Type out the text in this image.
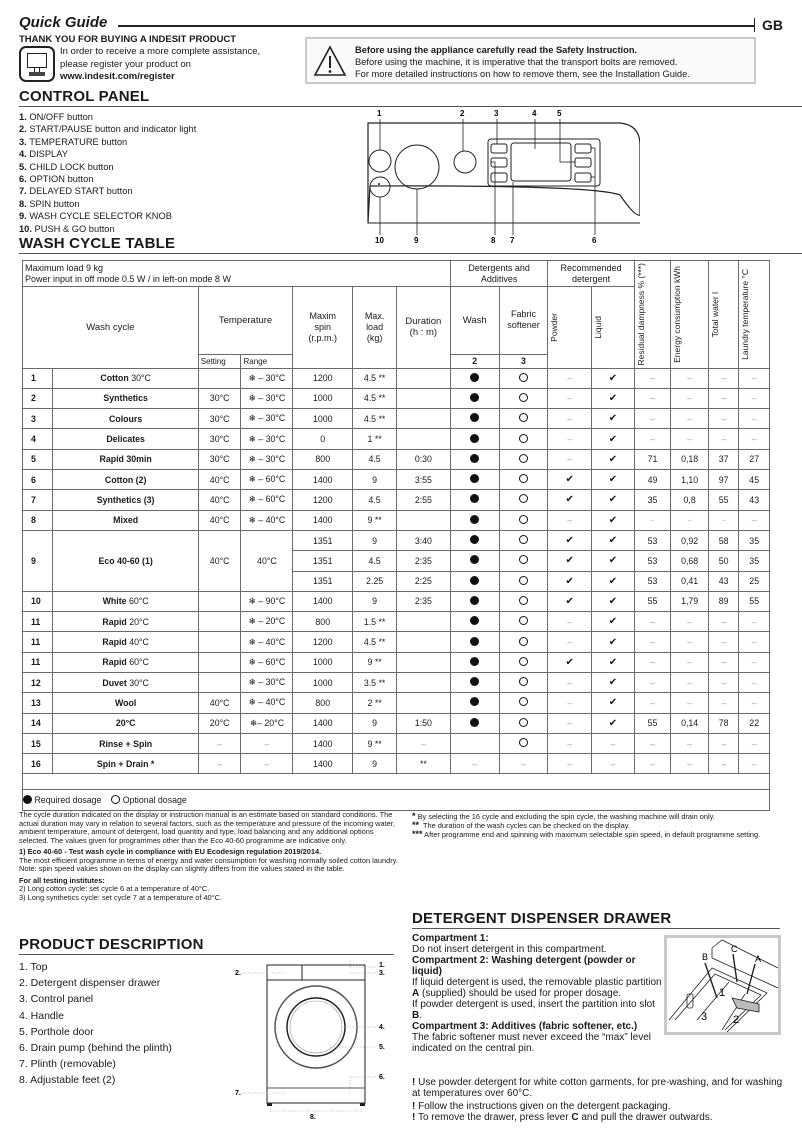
Quick Guide	GB
THANK YOU FOR BUYING A INDESIT PRODUCT
In order to receive a more complete assistance,
please register your product on
www.indesit.com/register
Before using the appliance carefully read the Safety Instruction.
Before using the machine, it is imperative that the transport bolts are removed.
For more detailed instructions on how to remove them, see the Installation Guide.
CONTROL PANEL
1. ON/OFF button
2. START/PAUSE button and indicator light
3. TEMPERATURE button
4. DISPLAY
5. CHILD LOCK button
6. OPTION button
7. DELAYED START button
8. SPIN button
9. WASH CYCLE SELECTOR KNOB
10. PUSH & GO button
1	2	3	4	5
10	9	8 7	6
WASH CYCLE TABLE
Maximum load 9 kg
Power input in off mode 0.5 W / in left-on mode 8 W

Detergents and
Additives

Recommended
detergent	Residual dampness % (***)	Energy consumption kWh	Total water l	Laundry temperature °C

Wash cycle	Temperature	Maxim
spin
(r.p.m.)

Max.
load
(kg)

Duration
(h : m)
	Wash	
Fabric
softener	Powder	Liquid

		Setting	Range				2	3						
1	Cotton 30°C		❄ – 30°C	1200	4.5 **				–	✔	–	–	–	–
2	Synthetics	30°C	❄ – 30°C	1000	4.5 **				–	✔	–	–	–	–
3	Colours	30°C	❄ – 30°C	1000	4.5 **				–	✔	–	–	–	–
4	Delicates	30°C	❄ – 30°C	0	1 **				–	✔	–	–	–	–
5	Rapid 30min	30°C	❄ – 30°C	800	4.5	0:30			–	✔	71	0,18	37	27
6	Cotton (2)	40°C	❄ – 60°C	1400	9	3:55			✔	✔	49	1,10	97	45
7	Synthetics (3)	40°C	❄ – 60°C	1200	4.5	2:55			✔	✔	35	0,8	55	43
8	Mixed	40°C	❄ – 40°C	1400	9 **				–	✔	-	-	-	–
9	Eco 40-60 (1)	40°C	40°C	1351	9	3:40			✔	✔	53	0,92	58	35
				1351	4.5	2:35			✔	✔	53	0,68	50	35
				1351	2.25	2:25			✔	✔	53	0,41	43	25
10	White 60°C		❄ – 90°C	1400	9	2:35			✔	✔	55	1,79	89	55
11	Rapid 20°C		❄ – 20°C	800	1.5 **				–	✔	–	–	–	–
11	Rapid 40°C		❄ – 40°C	1200	4.5 **				–	✔	–	–	–	–
11	Rapid 60°C		❄ – 60°C	1000	9 **				✔	✔	–	–	–	–
12	Duvet 30°C		❄ – 30°C	1000	3.5 **				–	✔	–	–	–	–
13	Wool	40°C	❄ – 40°C	800	2 **				–	✔	–	–	–	–
14	20°C	20°C	❄– 20°C	1400	9	1:50			–	✔	55	0,14	78	22
15	Rinse + Spin	–	–	1400	9 **	–			–	–	–	–	–	–
16	Spin + Drain *	–	–	1400	9	**	–	–	–	–	–	–	–	–

Required dosage Optional dosage														

The cycle duration indicated on the display or instruction manual is an estimate based on standard conditions. The actual duration may vary in relation to several factors, such as the temperature and pressure of the incoming water, ambient temperature, amount of detergent, load quantity and type, load balancing and any additional options selected. The values given for programmes other than the Eco 40-60 programme are indicative only.

1) Eco 40-60 - Test wash cycle in compliance with EU Ecodesign regulation 2019/2014.
The most efficient programme in terms of energy and water consumption for washing normally soiled cotton laundry.

Note: spin speed values shown on the display can slightly differs from the values stated in the table.

For all testing institutes:
2) Long cotton cycle: set cycle 6 at a temperature of 40°C.
3) Long synthetics cycle: set cycle 7 at a temperature of 40°C.
* By selecting the 16 cycle and excluding the spin cycle, the washing machine will drain only.
** The duration of the wash cycles can be checked on the display.
*** After programme end and spinning with maximum selectable spin speed, in default programme setting.
PRODUCT DESCRIPTION
1. Top
2. Detergent dispenser drawer
3. Control panel
4. Handle
5. Porthole door
6. Drain pump (behind the plinth)
7. Plinth (removable)
8. Adjustable feet (2)
1.
2.	3.
4.
5.
6.
7.
8.
DETERGENT DISPENSER DRAWER
Compartment 1:
Do not insert detergent in this compartment.
Compartment 2: Washing detergent (powder or liquid)
If liquid detergent is used, the removable plastic partition A (supplied) should be used for proper dosage.
If powder detergent is used, insert the partition into slot B.
Compartment 3: Additives (fabric softener, etc.)
The fabric softener must never exceed the “max” level indicated on the central pin.
! Use powder detergent for white cotton garments, for pre-washing, and for washing at temperatures over 60°C.
! Follow the instructions given on the detergent packaging.
! To remove the drawer, press lever C and pull the drawer outwards.
B
C
A
1
2
3
